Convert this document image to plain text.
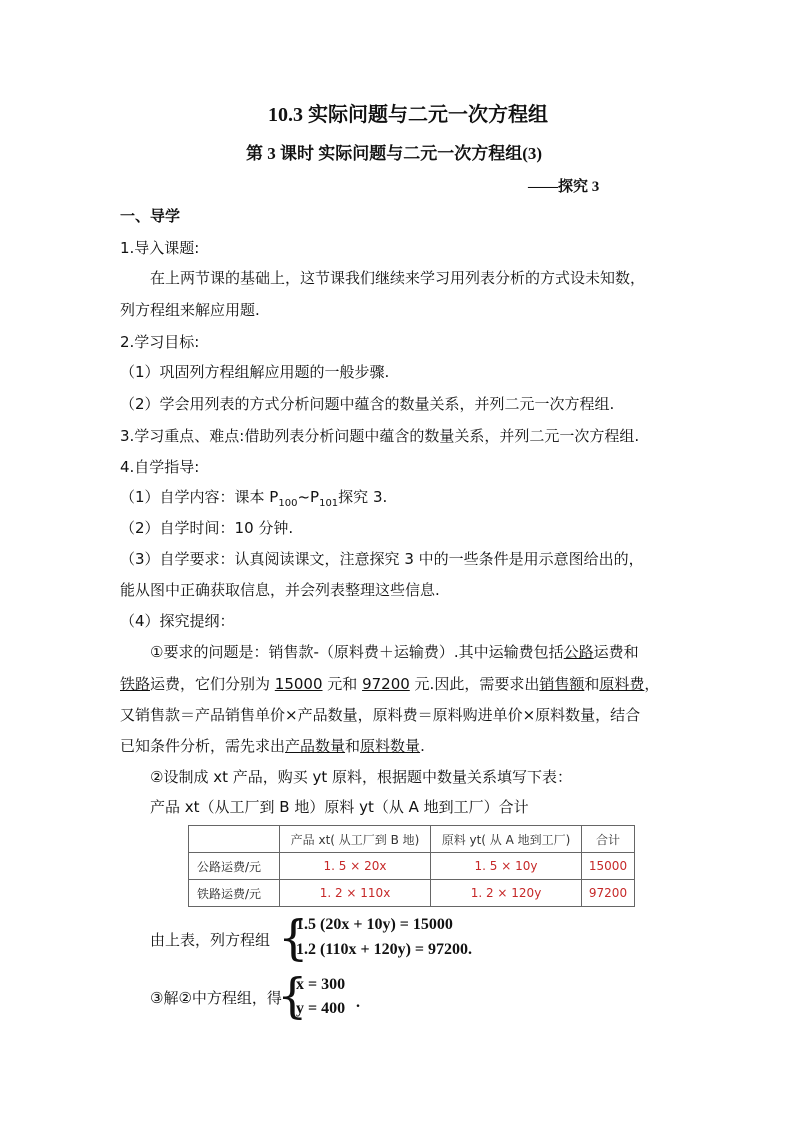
10.3 实际问题与二元一次方程组
第 3 课时 实际问题与二元一次方程组(3)
——探究 3
一、导学
1.导入课题:
在上两节课的基础上，这节课我们继续来学习用列表分析的方式设未知数，
列方程组来解应用题.
2.学习目标:
（1）巩固列方程组解应用题的一般步骤.
（2）学会用列表的方式分析问题中蕴含的数量关系，并列二元一次方程组.
3.学习重点、难点:借助列表分析问题中蕴含的数量关系，并列二元一次方程组.
4.自学指导:
（1）自学内容：课本 $P_{100}\sim P_{101}$探究 3.
（2）自学时间：10 分钟.
（3）自学要求：认真阅读课文，注意探究 3 中的一些条件是用示意图给出的，
能从图中正确获取信息，并会列表整理这些信息.
（4）探究提纲：
①要求的问题是：销售款-（原料费＋运输费）.其中运输费包括公路运费和
铁路运费，它们分别为 15000 元和 97200 元.因此，需要求出销售额和原料费，
又销售款＝产品销售单价×产品数量，原料费＝原料购进单价×原料数量，结合
已知条件分析，需先求出产品数量和原料数量.
②设制成 xt 产品，购买 yt 原料，根据题中数量关系填写下表：
产品 xt（从工厂到 B 地）原料 yt（从 A 地到工厂）合计
	产品 xt( 从工厂到 B 地)	原料 yt( 从 A 地到工厂)	合计
公路运费/元	1. 5 × 20x	1. 5 × 10y	15000
铁路运费/元	1. 2 × 110x	1. 2 × 120y	97200
由上表，列方程组 {
1.5 (20x + 10y) = 15000
1.2 (110x + 120y) = 97200.
③解②中方程组，得
{
x = 300
y = 400 .
